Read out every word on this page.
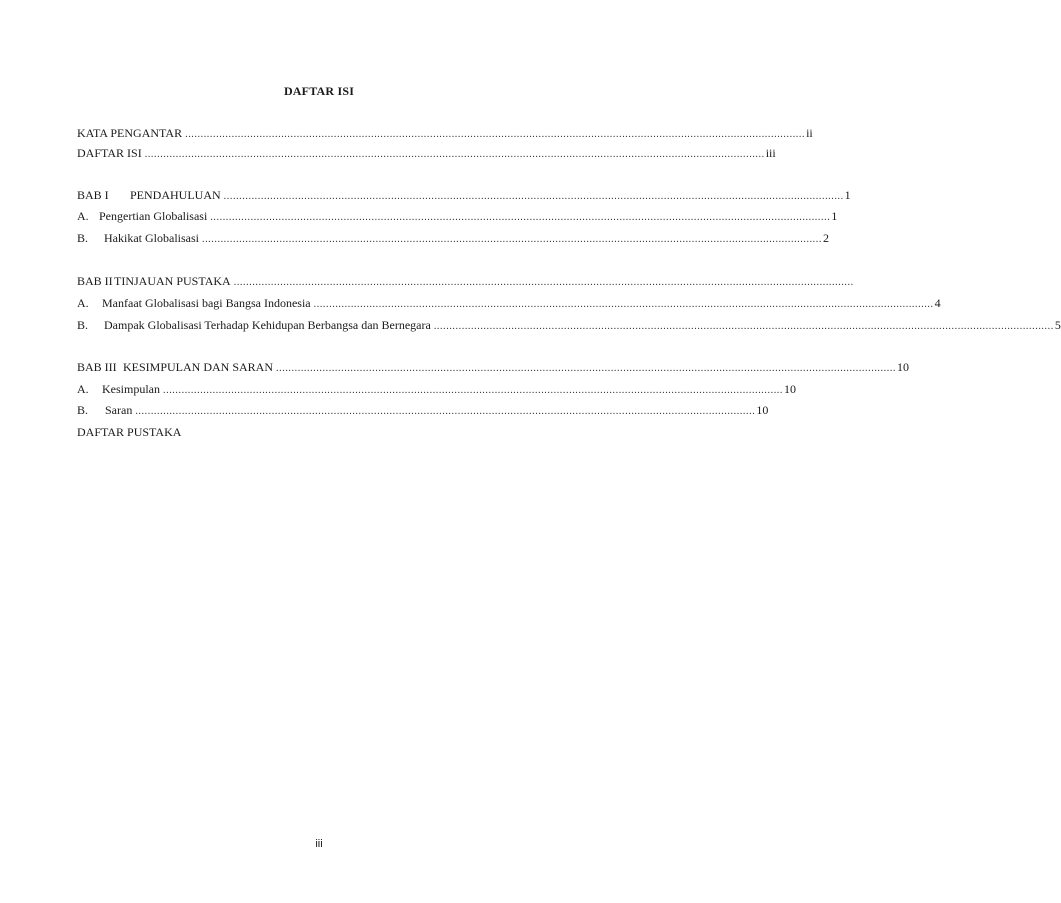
DAFTAR ISI
KATA PENGANTAR ........................................................................................................................................................................................................ ii
DAFTAR ISI ........................................................................................................................................................................................................ iii
BAB I	PENDAHULUAN ........................................................................................................................................................................................................ 1
A. Pengertian Globalisasi ........................................................................................................................................................................................................ 1
B.	Hakikat Globalisasi ........................................................................................................................................................................................................ 2
BAB II TINJAUAN PUSTAKA ........................................................................................................................................................................................................
A.	Manfaat Globalisasi bagi Bangsa Indonesia ........................................................................................................................................................................................................ 4
B.	Dampak Globalisasi Terhadap Kehidupan Berbangsa dan Bernegara ........................................................................................................................................................................................................ 5
BAB III KESIMPULAN DAN SARAN ........................................................................................................................................................................................................ 10
A.	Kesimpulan ........................................................................................................................................................................................................ 10
B.	Saran ........................................................................................................................................................................................................ 10
DAFTAR PUSTAKA
iii
